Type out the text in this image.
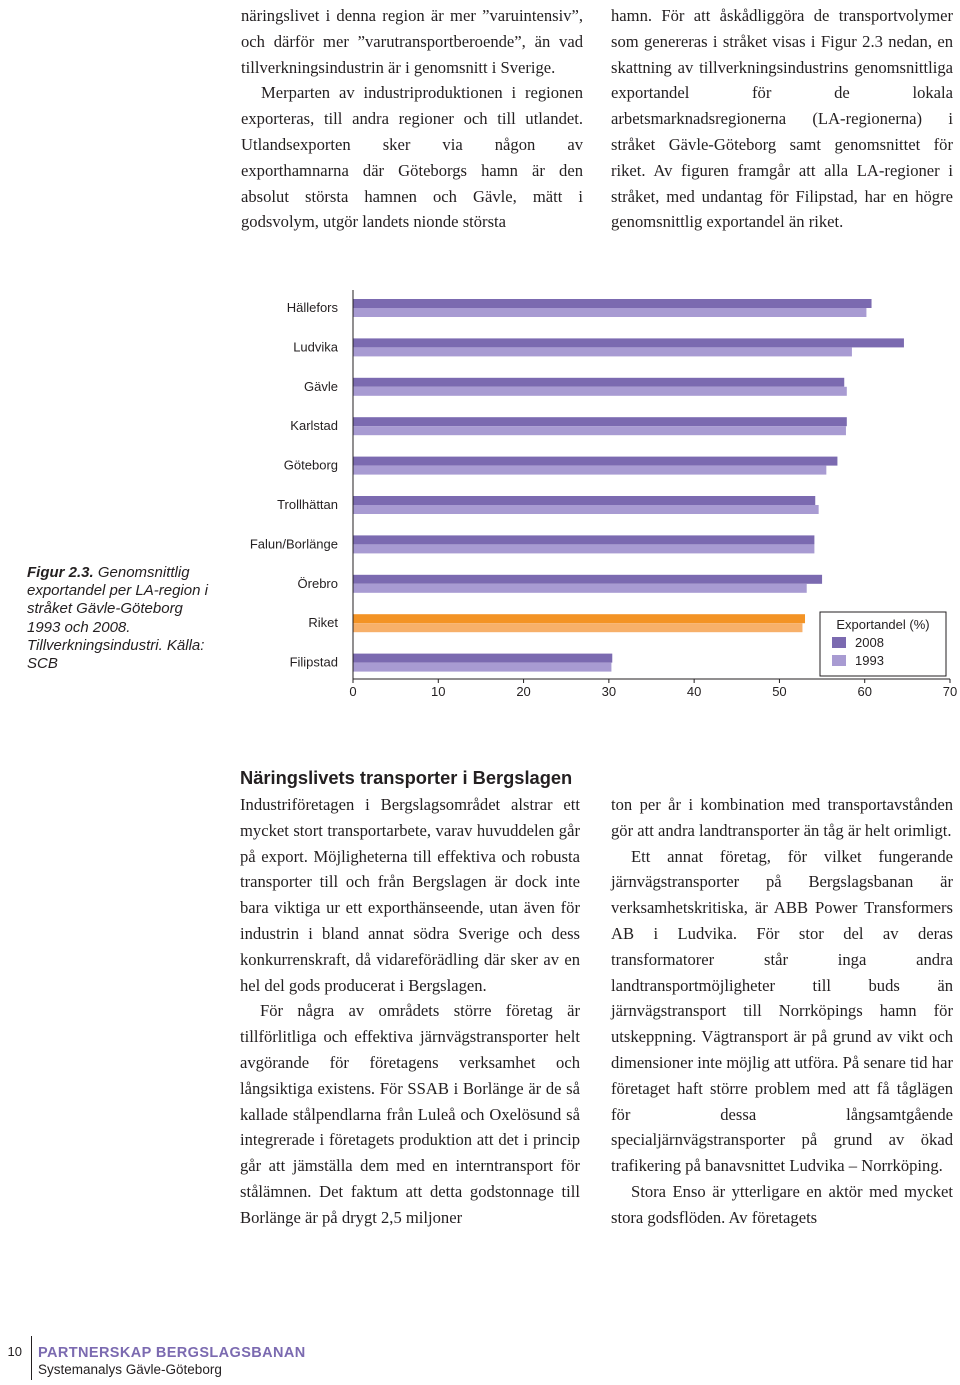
näringslivet i denna region är mer ”varuintensiv”, och därför mer ”varutransportberoende”, än vad tillverkningsindustrin är i genomsnitt i Sverige.

Merparten av industriproduktionen i regionen exporteras, till andra regioner och till utlandet. Utlandsexporten sker via någon av exporthamnarna där Göteborgs hamn är den absolut största hamnen och Gävle, mätt i godsvolym, utgör landets nionde största

hamn. För att åskådliggöra de transportvolymer som genereras i stråket visas i Figur 2.3 nedan, en skattning av tillverkningsindustrins genomsnittliga exportandel för de lokala arbetsmarknadsregionerna (LA-regionerna) i stråket Gävle-Göteborg samt genomsnittet för riket. Av figuren framgår att alla LA-regioner i stråket, med undantag för Filipstad, har en högre genomsnittlig exportandel än riket.

Figur 2.3. Genomsnittlig exportandel per LA-region i stråket Gävle-Göteborg 1993 och 2008. Tillverkningsindustri. Källa: SCB
Hällefors
Ludvika
Gävle
Karlstad
Göteborg
Trollhättan
Falun/Borlänge
Örebro
Riket
Filipstad
0	10	20	30	40	50	60	70
Exportandel (%)
2008
1993
Näringslivets transporter i Bergslagen

Industriföretagen i Bergslagsområdet alstrar ett mycket stort transportarbete, varav huvuddelen går på export. Möjligheterna till effektiva och robusta transporter till och från Bergslagen är dock inte bara viktiga ur ett exporthänseende, utan även för industrin i bland annat södra Sverige och dess konkurrenskraft, då vidareförädling där sker av en hel del gods producerat i Bergslagen.

För några av områdets större företag är tillförlitliga och effektiva järnvägstransporter helt avgörande för företagens verksamhet och långsiktiga existens. För SSAB i Borlänge är de så kallade stålpendlarna från Luleå och Oxelösund så integrerade i företagets produktion att det i princip går att jämställa dem med en interntransport för stålämnen. Det faktum att detta godstonnage till Borlänge är på drygt 2,5 miljoner

ton per år i kombination med transportavstånden gör att andra landtransporter än tåg är helt orimligt.

Ett annat företag, för vilket fungerande järnvägstransporter på Bergslagsbanan är verksamhetskritiska, är ABB Power Transformers AB i Ludvika. För stor del av deras transformatorer står inga andra landtransportmöjligheter till buds än järnvägstransport till Norrköpings hamn för utskeppning. Vägtransport är på grund av vikt och dimensioner inte möjlig att utföra. På senare tid har företaget haft större problem med att få tåglägen för dessa långsamtgående specialjärnvägstransporter på grund av ökad trafikering på banavsnittet Ludvika – Norrköping.

Stora Enso är ytterligare en aktör med mycket stora godsflöden. Av företagets

10 PARTNERSKAP BERGSLAGSBANAN
Systemanalys Gävle-Göteborg
